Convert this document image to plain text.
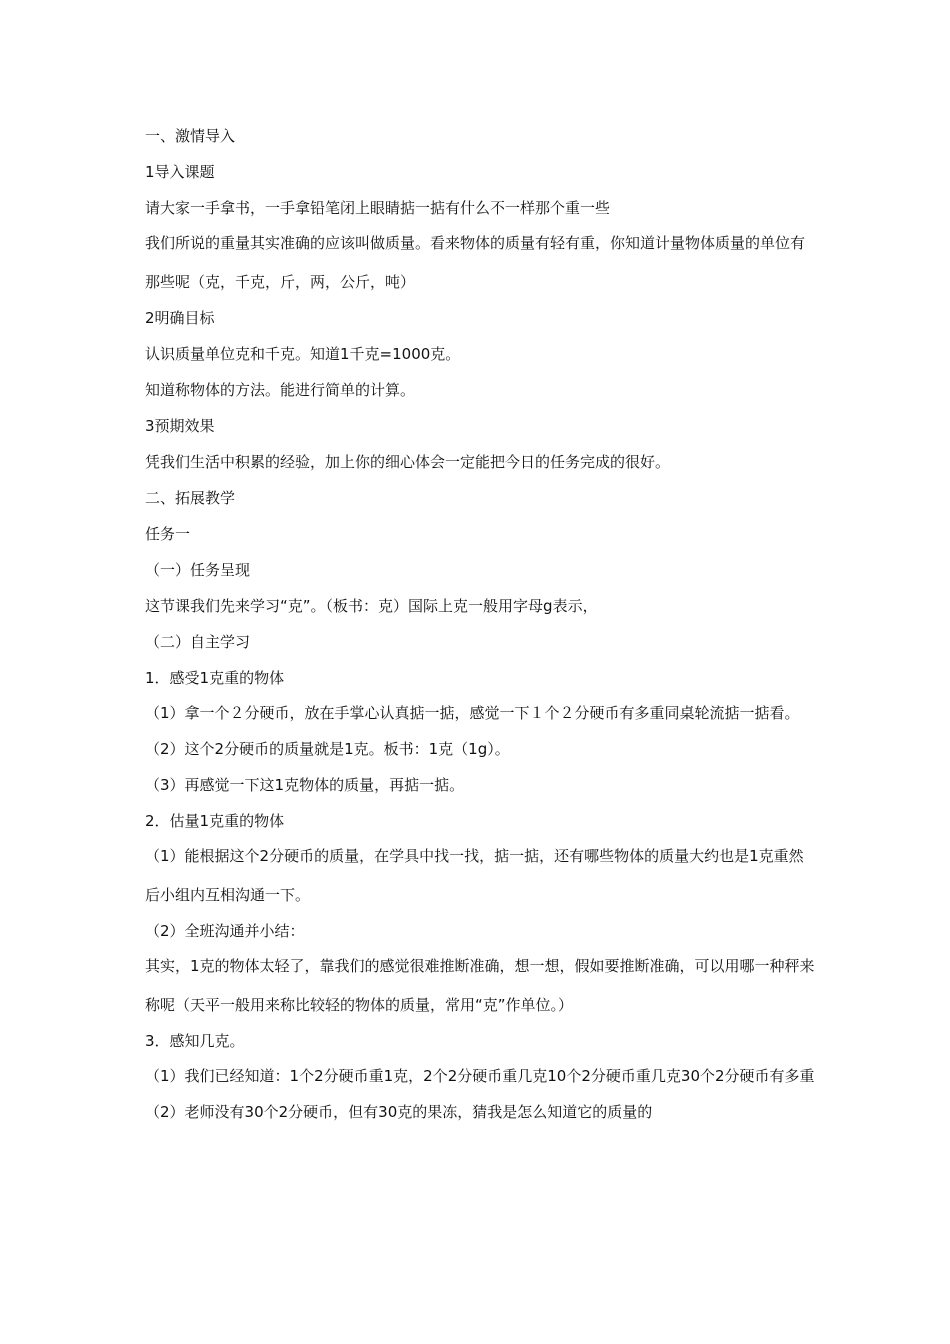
一、激情导入

1导入课题

请大家一手拿书，一手拿铅笔闭上眼睛掂一掂有什么不一样那个重一些

我们所说的重量其实准确的应该叫做质量。看来物体的质量有轻有重，你知道计量物体质量的单位有那些呢（克，千克，斤，两，公斤，吨）

2明确目标

认识质量单位克和千克。知道1千克=1000克。

知道称物体的方法。能进行简单的计算。

3预期效果

凭我们生活中积累的经验，加上你的细心体会一定能把今日的任务完成的很好。

二、拓展教学

任务一

（一）任务呈现

这节课我们先来学习“克”。（板书：克）国际上克一般用字母g表示，

（二）自主学习

1．感受1克重的物体

（1）拿一个２分硬币，放在手掌心认真掂一掂，感觉一下１个２分硬币有多重同桌轮流掂一掂看。

（2）这个2分硬币的质量就是1克。板书：1克（1g）。

（3）再感觉一下这1克物体的质量，再掂一掂。

2．估量1克重的物体

（1）能根据这个2分硬币的质量，在学具中找一找，掂一掂，还有哪些物体的质量大约也是1克重然后小组内互相沟通一下。

（2）全班沟通并小结：

其实，1克的物体太轻了，靠我们的感觉很难推断准确，想一想，假如要推断准确，可以用哪一种秤来称呢（天平一般用来称比较轻的物体的质量，常用“克”作单位。）

3．感知几克。

（1）我们已经知道：1个2分硬币重1克，2个2分硬币重几克10个2分硬币重几克30个2分硬币有多重

（2）老师没有30个2分硬币，但有30克的果冻，猜我是怎么知道它的质量的
